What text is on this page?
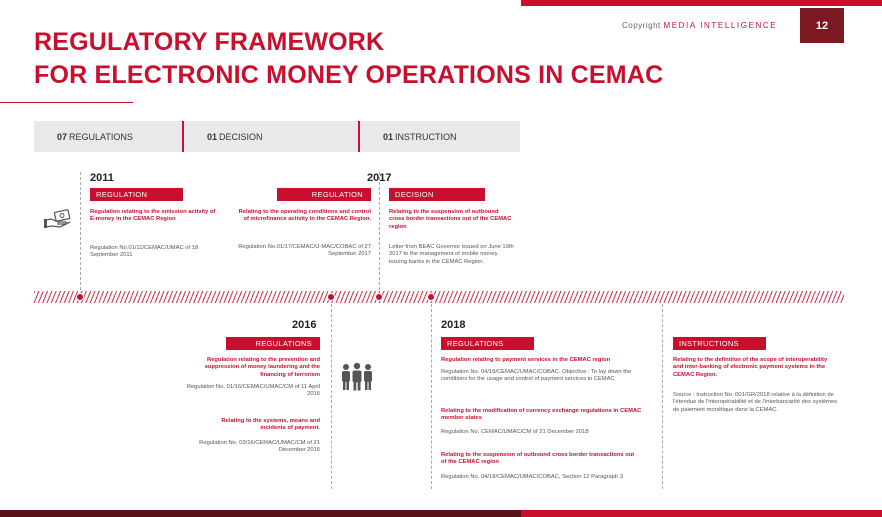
Copyright MEDIA INTELLIGENCE	12
REGULATORY FRAMEWORK
FOR ELECTRONIC MONEY OPERATIONS IN CEMAC
07 REGULATIONS	01 DECISION	01 INSTRUCTION
2011
REGULATION
Regulation relating to the emission activity of E-money in the CEMAC Region
Regulation No.01/11/CEMAC/UMAC of 18 September 2011
REGULATION
Relating to the operating conditions and control of microfinance activity in the CEMAC Region.
Regulation No.01/17/CEMAC/U-MAC/COBAC of 27 September 2017
2017
DECISION
Relating to the suspension of outbound cross border transactions out of the CEMAC region
Letter from BEAC Governor issued on June 19th 2017 to the management of mobile money issuing banks in the CEMAC Region.
2016
REGULATIONS
Regulation relating to the prevention and suppression of money laundering and the financing of terrorism
Regulation No. 01/16/CEMAC/UMAC/CM of 11 April 2016
Relating to the systems, means and incidents of payment.
Regulation No. 03/16/CEMAC/UMAC/CM of 21 December 2016
2018
REGULATIONS
Regulation relating to payment services in the CEMAC region
Regulation No. 04/18/CEMAC/UMAC/COBAC. Objective : To lay down the conditions for the usage and control of payment services in CEMAC
Relating to the modification of currency exchange regulations in CEMAC member states
Regulation No. CEMAC/UMAC/CM of 21 December 2018
Relating to the suspension of outbound cross border transactions out of the CEMAC region
Regulation No. 04/18/CEMAC/UMAC/COBAC, Section 12 Paragraph 3
INSTRUCTIONS
Relating to the definition of the scope of interoperability and inter-banking of electronic payment systems in the CEMAC Region.
Source : Instruction No. 001/GR/2018 relative à la définition de l'étendue de l'interopérabilité et de l'interbancarité des systèmes de paiement monétique dans la CEMAC.
